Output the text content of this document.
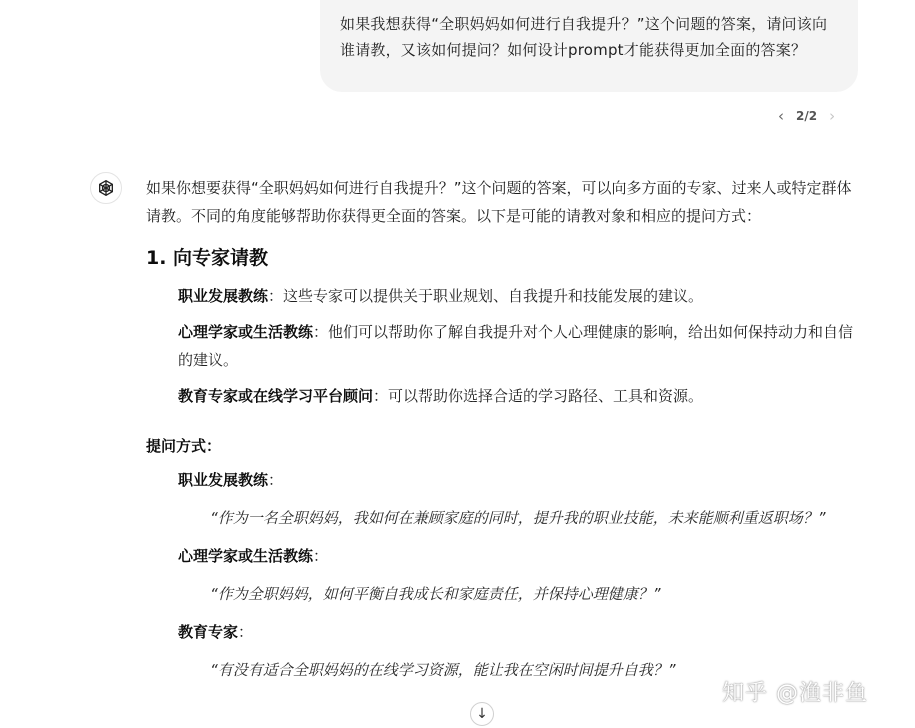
如果我想获得“全职妈妈如何进行自我提升？”这个问题的答案，请问该向谁请教，又该如何提问？如何设计prompt才能获得更加全面的答案？
‹	2/2 ›
如果你想要获得“全职妈妈如何进行自我提升？”这个问题的答案，可以向多方面的专家、过来人或特定群体请教。不同的角度能够帮助你获得更全面的答案。以下是可能的请教对象和相应的提问方式：
1. 向专家请教
职业发展教练：这些专家可以提供关于职业规划、自我提升和技能发展的建议。
心理学家或生活教练：他们可以帮助你了解自我提升对个人心理健康的影响，给出如何保持动力和自信的建议。
教育专家或在线学习平台顾问：可以帮助你选择合适的学习路径、工具和资源。
提问方式：
职业发展教练：
“作为一名全职妈妈，我如何在兼顾家庭的同时，提升我的职业技能，未来能顺利重返职场？”
心理学家或生活教练：
“作为全职妈妈，如何平衡自我成长和家庭责任，并保持心理健康？”
教育专家：
“有没有适合全职妈妈的在线学习资源，能让我在空闲时间提升自我？”
↓
知乎 @渔非鱼
